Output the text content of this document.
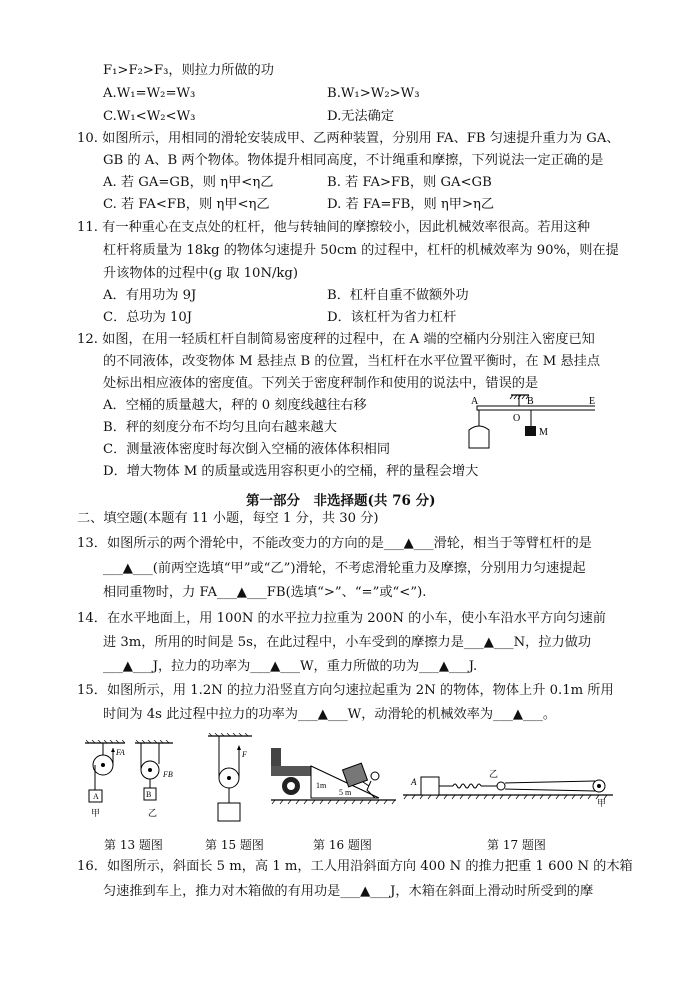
F₁>F₂>F₃，则拉力所做的功
A.W₁=W₂=W₃	B.W₁>W₂>W₃
C.W₁<W₂<W₃	D.无法确定
10. 如图所示，用相同的滑轮安装成甲、乙两种装置，分别用 FA、FB 匀速提升重力为 GA、
GB 的 A、B 两个物体。物体提升相同高度，不计绳重和摩擦，下列说法一定正确的是
A. 若 GA=GB，则 η甲<η乙	B. 若 FA>FB，则 GA<GB
C. 若 FA<FB，则 η甲<η乙	D. 若 FA=FB，则 η甲>η乙
11. 有一种重心在支点处的杠杆，他与转轴间的摩擦较小，因此机械效率很高。若用这种
杠杆将质量为 18kg 的物体匀速提升 50cm 的过程中，杠杆的机械效率为 90%，则在提
升该物体的过程中(g 取 10N/kg)
A．有用功为 9J	B．杠杆自重不做额外功
C．总功为 10J	D．该杠杆为省力杠杆
12. 如图，在用一轻质杠杆自制简易密度秤的过程中，在 A 端的空桶内分别注入密度已知
的不同液体，改变物体 M 悬挂点 B 的位置，当杠杆在水平位置平衡时，在 M 悬挂点
处标出相应液体的密度值。下列关于密度秤制作和使用的说法中，错误的是
A．空桶的质量越大，秤的 0 刻度线越往右移
B．秤的刻度分布不均匀且向右越来越大
C．测量液体密度时每次倒入空桶的液体体积相同
D．增大物体 M 的质量或选用容积更小的空桶，秤的量程会增大
二、填空题(本题有 11 小题，每空 1 分，共 30 分)
13．如图所示的两个滑轮中，不能改变力的方向的是___▲___滑轮，相当于等臂杠杆的是
___▲___(前两空选填“甲”或“乙”)滑轮，不考虑滑轮重力及摩擦，分别用力匀速提起
相同重物时，力 FA___▲___FB(选填“>”、“=”或“<”).
14．在水平地面上，用 100N 的水平拉力拉重为 200N 的小车，使小车沿水平方向匀速前
进 3m，所用的时间是 5s，在此过程中，小车受到的摩擦力是___▲___N，拉力做功
___▲___J，拉力的功率为___▲___W，重力所做的功为___▲___J.
15．如图所示，用 1.2N 的拉力沿竖直方向匀速拉起重为 2N 的物体，物体上升 0.1m 所用
时间为 4s 此过程中拉力的功率为___▲___W，动滑轮的机械效率为___▲___。
16．如图所示，斜面长 5 m，高 1 m，工人用沿斜面方向 400 N 的推力把重 1 600 N 的木箱
匀速推到车上，推力对木箱做的有用功是___▲___J，木箱在斜面上滑动时所受到的摩
第一部分　非选择题(共 76 分)
A
O
B	E
M
FA
A
甲
FB
B
乙
F
1m
5 m
A
乙
甲
第 13 题图	第 15 题图	第 16 题图	第 17 题图
